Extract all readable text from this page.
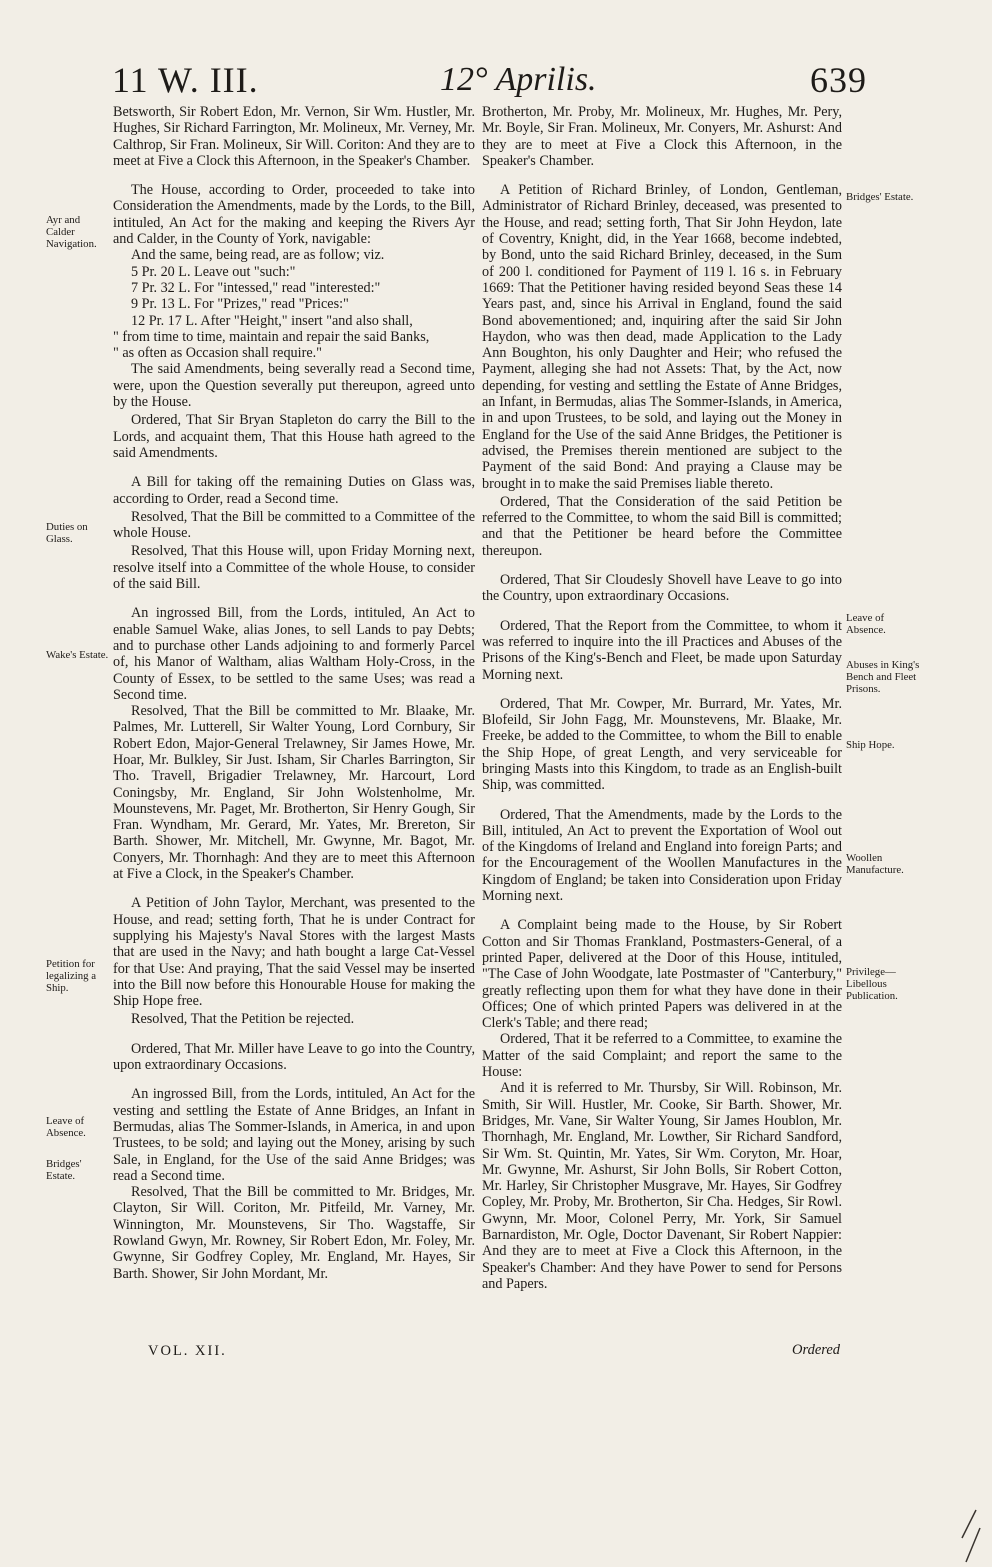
11 W. III.	12° Aprilis.	639

Betsworth, Sir Robert Edon, Mr. Vernon, Sir Wm. Hustler, Mr. Hughes, Sir Richard Farrington, Mr. Molineux, Mr. Verney, Mr. Calthrop, Sir Fran. Molineux, Sir Will. Coriton: And they are to meet at Five a Clock this Afternoon, in the Speaker's Chamber.

The House, according to Order, proceeded to take into Consideration the Amendments, made by the Lords, to the Bill, intituled, An Act for the making and keeping the Rivers Ayr and Calder, in the County of York, navigable:

And the same, being read, are as follow; viz.

5 Pr. 20 L. Leave out "such:"

7 Pr. 32 L. For "intessed," read "interested:"

9 Pr. 13 L. For "Prizes," read "Prices:"

12 Pr. 17 L. After "Height," insert "and also shall,

" from time to time, maintain and repair the said Banks,

" as often as Occasion shall require."

The said Amendments, being severally read a Second time, were, upon the Question severally put thereupon, agreed unto by the House.

Ordered, That Sir Bryan Stapleton do carry the Bill to the Lords, and acquaint them, That this House hath agreed to the said Amendments.

A Bill for taking off the remaining Duties on Glass was, according to Order, read a Second time.

Resolved, That the Bill be committed to a Committee of the whole House.

Resolved, That this House will, upon Friday Morning next, resolve itself into a Committee of the whole House, to consider of the said Bill.

An ingrossed Bill, from the Lords, intituled, An Act to enable Samuel Wake, alias Jones, to sell Lands to pay Debts; and to purchase other Lands adjoining to and formerly Parcel of, his Manor of Waltham, alias Waltham Holy-Cross, in the County of Essex, to be settled to the same Uses; was read a Second time.

Resolved, That the Bill be committed to Mr. Blaake, Mr. Palmes, Mr. Lutterell, Sir Walter Young, Lord Cornbury, Sir Robert Edon, Major-General Trelawney, Sir James Howe, Mr. Hoar, Mr. Bulkley, Sir Just. Isham, Sir Charles Barrington, Sir Tho. Travell, Brigadier Trelawney, Mr. Harcourt, Lord Coningsby, Mr. England, Sir John Wolstenholme, Mr. Mounstevens, Mr. Paget, Mr. Brotherton, Sir Henry Gough, Sir Fran. Wyndham, Mr. Gerard, Mr. Yates, Mr. Brereton, Sir Barth. Shower, Mr. Mitchell, Mr. Gwynne, Mr. Bagot, Mr. Conyers, Mr. Thornhagh: And they are to meet this Afternoon at Five a Clock, in the Speaker's Chamber.

A Petition of John Taylor, Merchant, was presented to the House, and read; setting forth, That he is under Contract for supplying his Majesty's Naval Stores with the largest Masts that are used in the Navy; and hath bought a large Cat-Vessel for that Use: And praying, That the said Vessel may be inserted into the Bill now before this Honourable House for making the Ship Hope free.

Resolved, That the Petition be rejected.

Ordered, That Mr. Miller have Leave to go into the Country, upon extraordinary Occasions.

An ingrossed Bill, from the Lords, intituled, An Act for the vesting and settling the Estate of Anne Bridges, an Infant in Bermudas, alias The Sommer-Islands, in America, in and upon Trustees, to be sold; and laying out the Money, arising by such Sale, in England, for the Use of the said Anne Bridges; was read a Second time.

Resolved, That the Bill be committed to Mr. Bridges, Mr. Clayton, Sir Will. Coriton, Mr. Pitfeild, Mr. Varney, Mr. Winnington, Mr. Mounstevens, Sir Tho. Wagstaffe, Sir Rowland Gwyn, Mr. Rowney, Sir Robert Edon, Mr. Foley, Mr. Gwynne, Sir Godfrey Copley, Mr. England, Mr. Hayes, Sir Barth. Shower, Sir John Mordant, Mr.

Brotherton, Mr. Proby, Mr. Molineux, Mr. Hughes, Mr. Pery, Mr. Boyle, Sir Fran. Molineux, Mr. Conyers, Mr. Ashurst: And they are to meet at Five a Clock this Afternoon, in the Speaker's Chamber.

A Petition of Richard Brinley, of London, Gentleman, Administrator of Richard Brinley, deceased, was presented to the House, and read; setting forth, That Sir John Heydon, late of Coventry, Knight, did, in the Year 1668, become indebted, by Bond, unto the said Richard Brinley, deceased, in the Sum of 200 l. conditioned for Payment of 119 l. 16 s. in February 1669: That the Petitioner having resided beyond Seas these 14 Years past, and, since his Arrival in England, found the said Bond abovementioned; and, inquiring after the said Sir John Haydon, who was then dead, made Application to the Lady Ann Boughton, his only Daughter and Heir; who refused the Payment, alleging she had not Assets: That, by the Act, now depending, for vesting and settling the Estate of Anne Bridges, an Infant, in Bermudas, alias The Sommer-Islands, in America, in and upon Trustees, to be sold, and laying out the Money in England for the Use of the said Anne Bridges, the Petitioner is advised, the Premises therein mentioned are subject to the Payment of the said Bond: And praying a Clause may be brought in to make the said Premises liable thereto.

Ordered, That the Consideration of the said Petition be referred to the Committee, to whom the said Bill is committed; and that the Petitioner be heard before the Committee thereupon.

Ordered, That Sir Cloudesly Shovell have Leave to go into the Country, upon extraordinary Occasions.

Ordered, That the Report from the Committee, to whom it was referred to inquire into the ill Practices and Abuses of the Prisons of the King's-Bench and Fleet, be made upon Saturday Morning next.

Ordered, That Mr. Cowper, Mr. Burrard, Mr. Yates, Mr. Blofeild, Sir John Fagg, Mr. Mounstevens, Mr. Blaake, Mr. Freeke, be added to the Committee, to whom the Bill to enable the Ship Hope, of great Length, and very serviceable for bringing Masts into this Kingdom, to trade as an English-built Ship, was committed.

Ordered, That the Amendments, made by the Lords to the Bill, intituled, An Act to prevent the Exportation of Wool out of the Kingdoms of Ireland and England into foreign Parts; and for the Encouragement of the Woollen Manufactures in the Kingdom of England; be taken into Consideration upon Friday Morning next.

A Complaint being made to the House, by Sir Robert Cotton and Sir Thomas Frankland, Postmasters-General, of a printed Paper, delivered at the Door of this House, intituled, "The Case of John Woodgate, late Postmaster of "Canterbury," greatly reflecting upon them for what they have done in their Offices; One of which printed Papers was delivered in at the Clerk's Table; and there read;

Ordered, That it be referred to a Committee, to examine the Matter of the said Complaint; and report the same to the House:

And it is referred to Mr. Thursby, Sir Will. Robinson, Mr. Smith, Sir Will. Hustler, Mr. Cooke, Sir Barth. Shower, Mr. Bridges, Mr. Vane, Sir Walter Young, Sir James Houblon, Mr. Thornhagh, Mr. England, Mr. Lowther, Sir Richard Sandford, Sir Wm. St. Quintin, Mr. Yates, Sir Wm. Coryton, Mr. Hoar, Mr. Gwynne, Mr. Ashurst, Sir John Bolls, Sir Robert Cotton, Mr. Harley, Sir Christopher Musgrave, Mr. Hayes, Sir Godfrey Copley, Mr. Proby, Mr. Brotherton, Sir Cha. Hedges, Sir Rowl. Gwynn, Mr. Moor, Colonel Perry, Mr. York, Sir Samuel Barnardiston, Mr. Ogle, Doctor Davenant, Sir Robert Nappier: And they are to meet at Five a Clock this Afternoon, in the Speaker's Chamber: And they have Power to send for Persons and Papers.

Ayr and Calder Navigation.
Duties on Glass.
Wake's Estate.
Petition for legalizing a Ship.
Leave of Absence.
Bridges' Estate.
Bridges' Estate.
Leave of Absence.
Abuses in King's Bench and Fleet Prisons.
Ship Hope.
Woollen Manufacture.
Privilege— Libellous Publication.
VOL. XII.	Ordered
